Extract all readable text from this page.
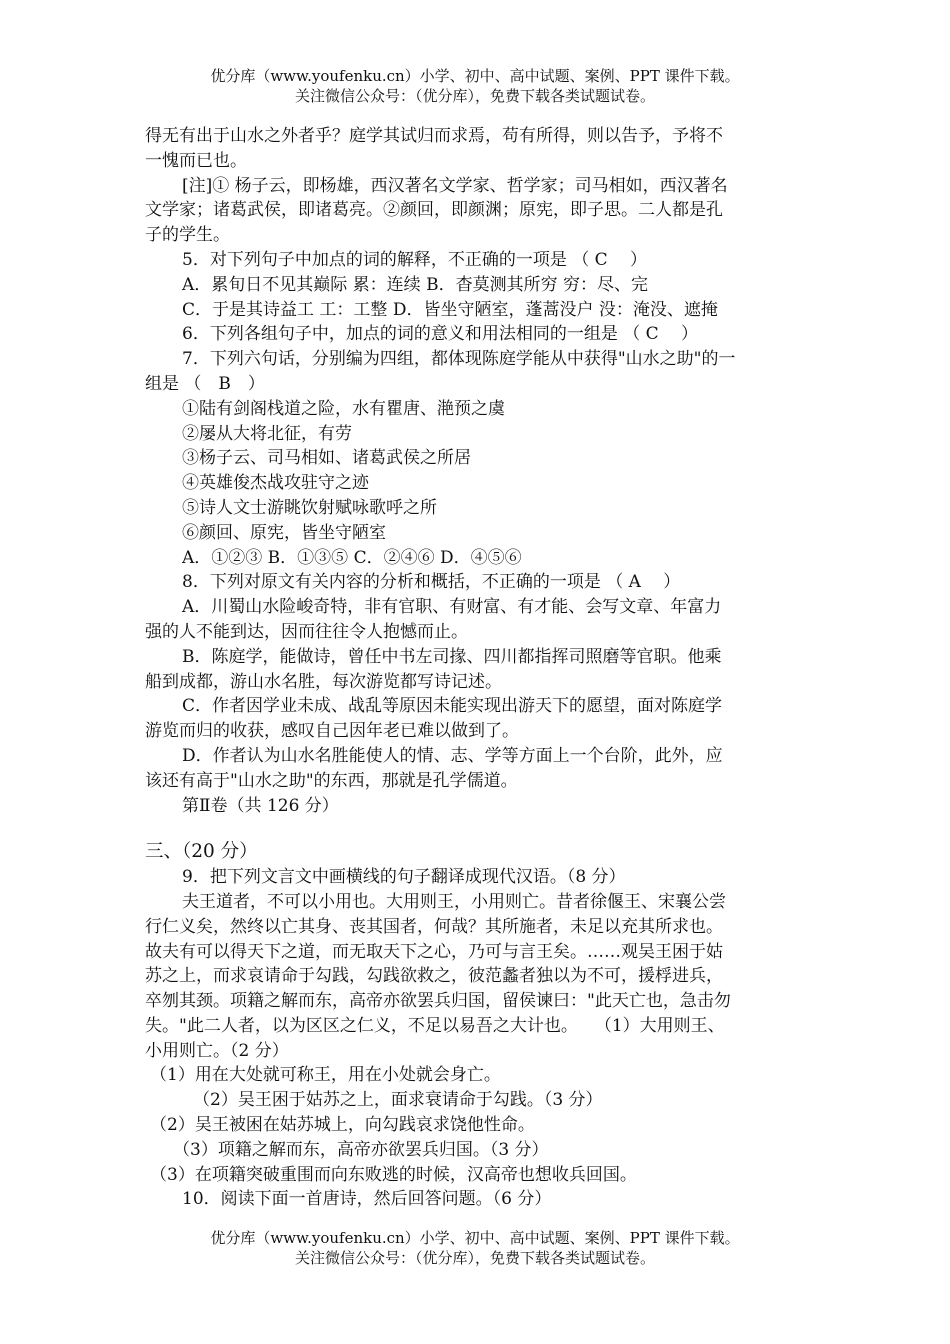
优分库（www.youfenku.cn）小学、初中、高中试题、案例、PPT 课件下载。
关注微信公众号：（优分库），免费下载各类试题试卷。
得无有出于山水之外者乎？庭学其试归而求焉，苟有所得，则以告予，予将不
一愧而已也。
[注]① 杨子云，即杨雄，西汉著名文学家、哲学家；司马相如，西汉著名
文学家；诸葛武侯，即诸葛亮。②颜回，即颜渊；原宪，即子思。二人都是孔
子的学生。
5．对下列句子中加点的词的解释，不正确的一项是 （ C　 ）
A．累旬日不见其巅际 累：连续 B．杳莫测其所穷 穷：尽、完
C．于是其诗益工 工：工整 D．皆坐守陋室，蓬蒿没户 没：淹没、遮掩
6．下列各组句子中，加点的词的意义和用法相同的一组是 （ C　 ）
7．下列六句话，分别编为四组，都体现陈庭学能从中获得"山水之助"的一
组是 （　B　）
①陆有剑阁栈道之险，水有瞿唐、滟预之虞
②屡从大将北征，有劳
③杨子云、司马相如、诸葛武侯之所居
④英雄俊杰战攻驻守之迹
⑤诗人文士游眺饮射赋咏歌呼之所
⑥颜回、原宪，皆坐守陋室
A．①②③ B．①③⑤ C．②④⑥ D．④⑤⑥
8．下列对原文有关内容的分析和概括，不正确的一项是 （ A　 ）
A．川蜀山水险峻奇特，非有官职、有财富、有才能、会写文章、年富力
强的人不能到达，因而往往令人抱憾而止。
B．陈庭学，能做诗，曾任中书左司掾、四川都指挥司照磨等官职。他乘
船到成都，游山水名胜，每次游览都写诗记述。
C．作者因学业未成、战乱等原因未能实现出游天下的愿望，面对陈庭学
游览而归的收获，感叹自己因年老已难以做到了。
D．作者认为山水名胜能使人的情、志、学等方面上一个台阶，此外，应
该还有高于"山水之助"的东西，那就是孔学儒道。
第Ⅱ卷（共 126 分）
三、（20 分）
9．把下列文言文中画横线的句子翻译成现代汉语。（8 分）
夫王道者，不可以小用也。大用则王，小用则亡。昔者徐偃王、宋襄公尝
行仁义矣，然终以亡其身、丧其国者，何哉？其所施者，未足以充其所求也。
故夫有可以得天下之道，而无取天下之心，乃可与言王矣。……观吴王困于姑
苏之上，而求哀请命于勾践，勾践欲救之，彼范蠡者独以为不可，援桴进兵，
卒刎其颈。项籍之解而东，高帝亦欲罢兵归国，留侯谏曰："此天亡也，急击勿
失。"此二人者，以为区区之仁义，不足以易吾之大计也。　　（1）大用则王、
小用则亡。（2 分）
（1）用在大处就可称王，用在小处就会身亡。
（2）吴王困于姑苏之上，面求衰请命于勾践。（3 分）
（2）吴王被困在姑苏城上，向勾践哀求饶他性命。
（3）项籍之解而东，高帝亦欲罢兵归国。（3 分）
（3）在项籍突破重围而向东败逃的时候，汉高帝也想收兵回国。
10．阅读下面一首唐诗，然后回答问题。（6 分）
优分库（www.youfenku.cn）小学、初中、高中试题、案例、PPT 课件下载。
关注微信公众号：（优分库），免费下载各类试题试卷。
